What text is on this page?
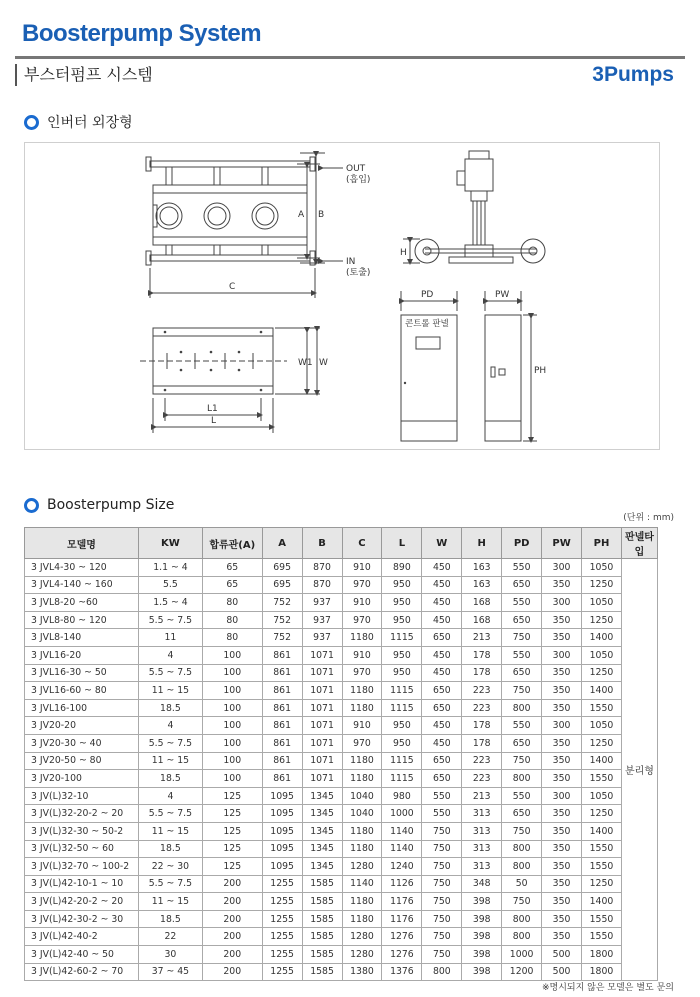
Boosterpump System
부스터펌프 시스템	3Pumps
인버터 외장형
OUT
(흡입)
IN
(토출)
A B
C
H
PD	PW
PH
W1 W
L1
L
콘트롤 판넬
Boosterpump Size
(단위 : mm)
모델명	KW	합류관(A)	A	B	C	L	W	H	PD	PW	PH	판넬타입
3 JVL4-30 ~ 120	1.1 ~ 4	65	695	870	910	890	450	163	550	300	1050	분리형
3 JVL4-140 ~ 160	5.5	65	695	870	970	950	450	163	650	350	1250	
3 JVL8-20 ~60	1.5 ~ 4	80	752	937	910	950	450	168	550	300	1050	
3 JVL8-80 ~ 120	5.5 ~ 7.5	80	752	937	970	950	450	168	650	350	1250	
3 JVL8-140	11	80	752	937	1180	1115	650	213	750	350	1400	
3 JVL16-20	4	100	861	1071	910	950	450	178	550	300	1050	
3 JVL16-30 ~ 50	5.5 ~ 7.5	100	861	1071	970	950	450	178	650	350	1250	
3 JVL16-60 ~ 80	11 ~ 15	100	861	1071	1180	1115	650	223	750	350	1400	
3 JVL16-100	18.5	100	861	1071	1180	1115	650	223	800	350	1550	
3 JV20-20	4	100	861	1071	910	950	450	178	550	300	1050	
3 JV20-30 ~ 40	5.5 ~ 7.5	100	861	1071	970	950	450	178	650	350	1250	
3 JV20-50 ~ 80	11 ~ 15	100	861	1071	1180	1115	650	223	750	350	1400	
3 JV20-100	18.5	100	861	1071	1180	1115	650	223	800	350	1550	
3 JV(L)32-10	4	125	1095	1345	1040	980	550	213	550	300	1050	
3 JV(L)32-20-2 ~ 20	5.5 ~ 7.5	125	1095	1345	1040	1000	550	313	650	350	1250	
3 JV(L)32-30 ~ 50-2	11 ~ 15	125	1095	1345	1180	1140	750	313	750	350	1400	
3 JV(L)32-50 ~ 60	18.5	125	1095	1345	1180	1140	750	313	800	350	1550	
3 JV(L)32-70 ~ 100-2	22 ~ 30	125	1095	1345	1280	1240	750	313	800	350	1550	
3 JV(L)42-10-1 ~ 10	5.5 ~ 7.5	200	1255	1585	1140	1126	750	348	50	350	1250	
3 JV(L)42-20-2 ~ 20	11 ~ 15	200	1255	1585	1180	1176	750	398	750	350	1400	
3 JV(L)42-30-2 ~ 30	18.5	200	1255	1585	1180	1176	750	398	800	350	1550	
3 JV(L)42-40-2	22	200	1255	1585	1280	1276	750	398	800	350	1550	
3 JV(L)42-40 ~ 50	30	200	1255	1585	1280	1276	750	398	1000	500	1800	
3 JV(L)42-60-2 ~ 70	37 ~ 45	200	1255	1585	1380	1376	800	398	1200	500	1800	
※명시되지 않은 모델은 별도 문의
